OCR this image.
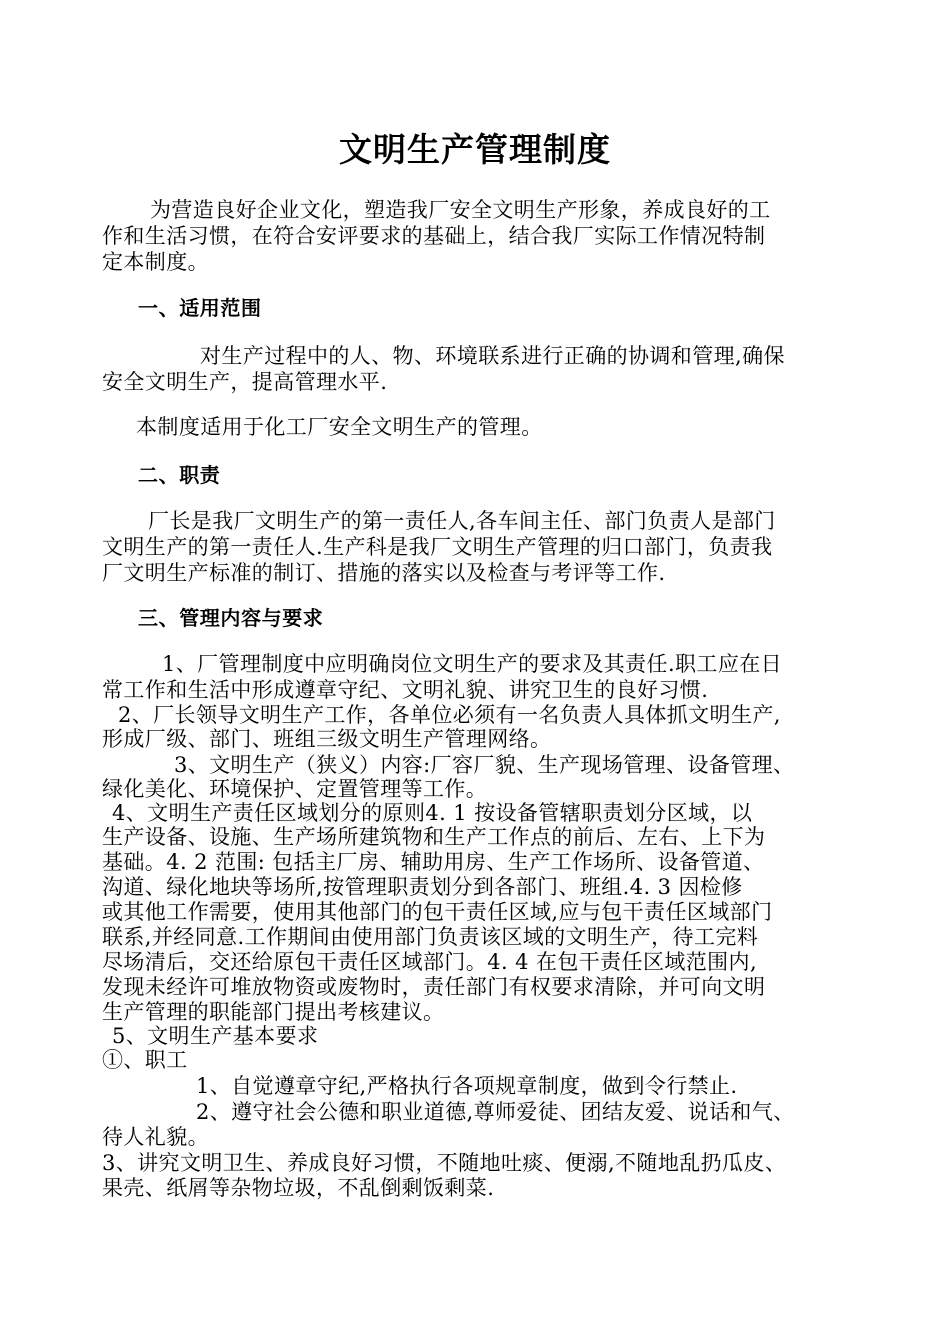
文明生产管理制度
为营造良好企业文化，塑造我厂安全文明生产形象，养成良好的工
作和生活习惯，在符合安评要求的基础上，结合我厂实际工作情况特制
定本制度。
一、适用范围
对生产过程中的人、物、环境联系进行正确的协调和管理,确保
安全文明生产，提高管理水平.
本制度适用于化工厂安全文明生产的管理。
二、职责
厂长是我厂文明生产的第一责任人,各车间主任、部门负责人是部门
文明生产的第一责任人.生产科是我厂文明生产管理的归口部门，负责我
厂文明生产标准的制订、措施的落实以及检查与考评等工作.
三、管理内容与要求
1、厂管理制度中应明确岗位文明生产的要求及其责任.职工应在日
常工作和生活中形成遵章守纪、文明礼貌、讲究卫生的良好习惯.
2、厂长领导文明生产工作，各单位必须有一名负责人具体抓文明生产,
形成厂级、部门、班组三级文明生产管理网络。
3、文明生产（狭义）内容:厂容厂貌、生产现场管理、设备管理、
绿化美化、环境保护、定置管理等工作。
4、文明生产责任区域划分的原则4. 1 按设备管辖职责划分区域，以
生产设备、设施、生产场所建筑物和生产工作点的前后、左右、上下为
基础。4. 2 范围: 包括主厂房、辅助用房、生产工作场所、设备管道、
沟道、绿化地块等场所,按管理职责划分到各部门、班组.4. 3 因检修
或其他工作需要，使用其他部门的包干责任区域,应与包干责任区域部门
联系,并经同意.工作期间由使用部门负责该区域的文明生产，待工完料
尽场清后，交还给原包干责任区域部门。4. 4 在包干责任区域范围内,
发现未经许可堆放物资或废物时，责任部门有权要求清除，并可向文明
生产管理的职能部门提出考核建议。
5、文明生产基本要求
①、职工
1、自觉遵章守纪,严格执行各项规章制度，做到令行禁止.
2、遵守社会公德和职业道德,尊师爱徒、团结友爱、说话和气、
待人礼貌。
3、讲究文明卫生、养成良好习惯，不随地吐痰、便溺,不随地乱扔瓜皮、
果壳、纸屑等杂物垃圾，不乱倒剩饭剩菜.
